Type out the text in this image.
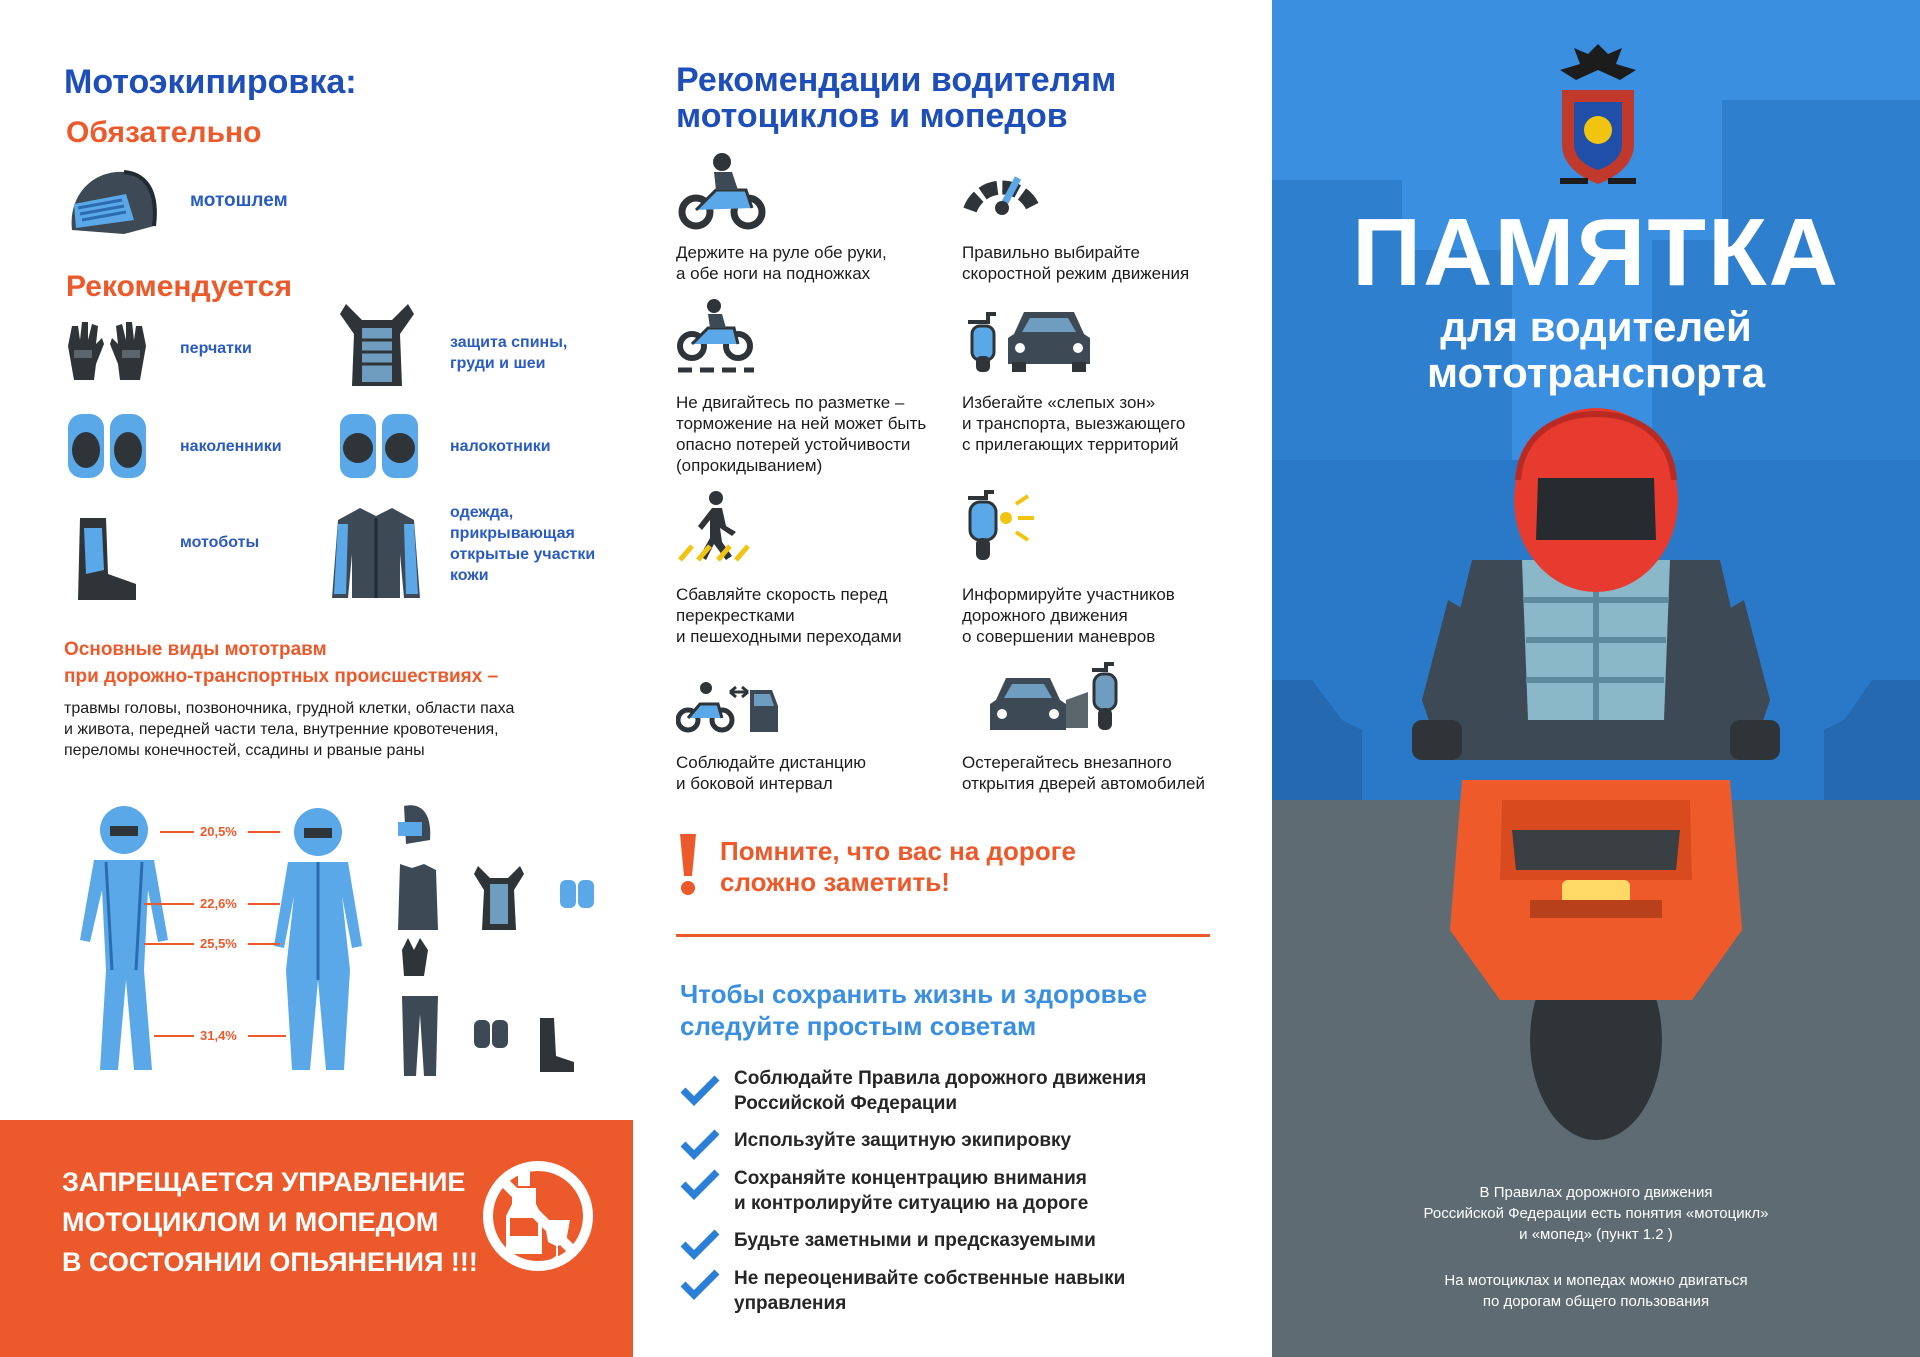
Мотоэкипировка:
Обязательно
мотошлем
Рекомендуется
перчатки	защита спины, груди и шеи
наколенники	налокотники
мотоботы
одежда, прикрывающая открытые участки кожи
Основные виды мототравм
при дорожно-транспортных происшествиях –
травмы головы, позвоночника, грудной клетки, области паха
и живота, передней части тела, внутренние кровотечения,
переломы конечностей, ссадины и рваные раны
20,5%
22,6%
25,5%
31,4%
ЗАПРЕЩАЕТСЯ УПРАВЛЕНИЕ
МОТОЦИКЛОМ И МОПЕДОМ
В СОСТОЯНИИ ОПЬЯНЕНИЯ !!!
Рекомендации водителям
мотоциклов и мопедов
Держите на руле обе руки,
а обе ноги на подножках
Правильно выбирайте
скоростной режим движения
Не двигайтесь по разметке –
торможение на ней может быть
опасно потерей устойчивости
(опрокидыванием)
Избегайте «слепых зон»
и транспорта, выезжающего
с прилегающих территорий
Сбавляйте скорость перед
перекрестками
и пешеходными переходами
Информируйте участников
дорожного движения
о совершении маневров
Соблюдайте дистанцию
и боковой интервал
Остерегайтесь внезапного
открытия дверей автомобилей
Помните, что вас на дороге
сложно заметить!
Чтобы сохранить жизнь и здоровье
следуйте простым советам
Соблюдайте Правила дорожного движения
Российской Федерации
Используйте защитную экипировку
Сохраняйте концентрацию внимания
и контролируйте ситуацию на дороге
Будьте заметными и предсказуемыми
Не переоценивайте собственные навыки
управления
ПАМЯТКА
для водителей
мототранспорта
В Правилах дорожного движения
Российской Федерации есть понятия «мотоцикл»
и «мопед» (пункт 1.2 )
На мотоциклах и мопедах можно двигаться
по дорогам общего пользования
